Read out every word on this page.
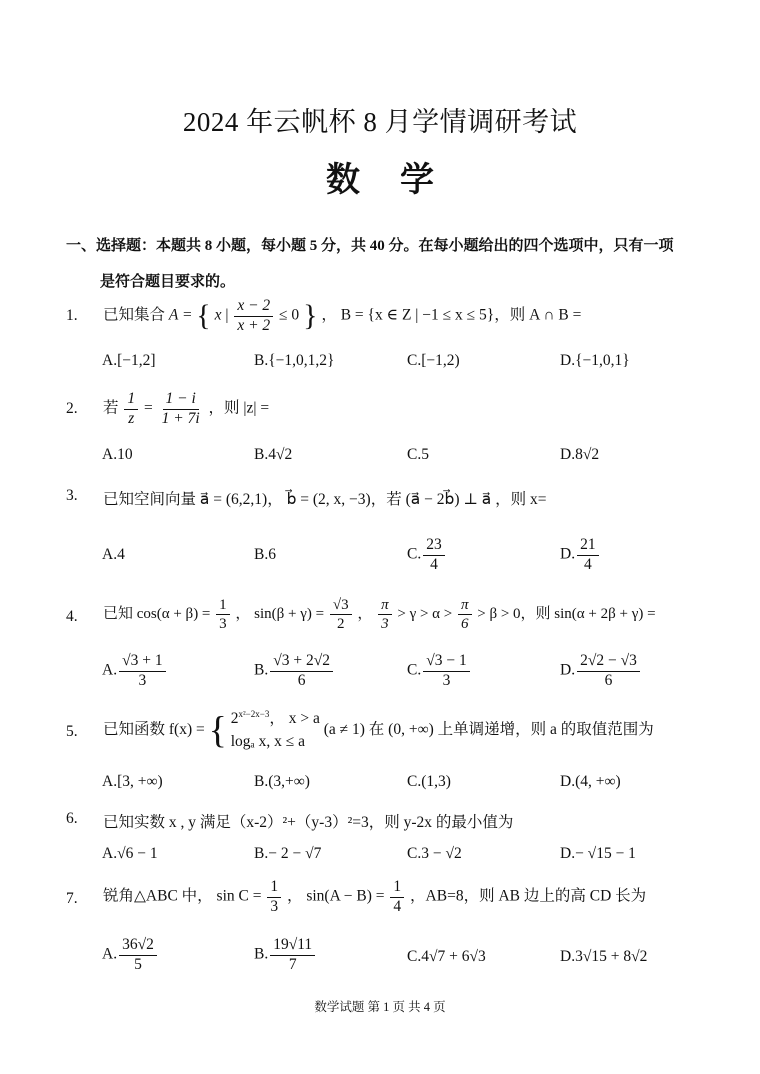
2024 年云帆杯 8 月学情调研考试
数学
一、选择题：本题共 8 小题，每小题 5 分，共 40 分。在每小题给出的四个选项中，只有一项
是符合题目要求的。
1. 已知集合 A = { x | $\frac{x - 2}{x + 2} \le 0$ } ， B = {x ∈ Z | −1 ≤ x ≤ 5}，则 A ∩ B =
A.[−1,2]	B.{−1,0,1,2}	C.[−1,2)	D.{−1,0,1}
2. 若 $\frac{1}{z} = \frac{1 - i}{1 + 7i}$ ，则 |z| =
A.10	B.4√2	C.5	D.8√2
3. 已知空间向量 a⃗ = (6,2,1)， b⃗ = (2, x, −3)，若 (a⃗ − 2b⃗) ⊥ a⃗ ，则 x=
A.4	B.6	C. $\frac{23}{4}$	D. $\frac{21}{4}$
4. 已知 $\cos(\alpha + \beta) = \frac{1}{3}$ ， $\sin(\beta + \gamma) = \frac{√3}{2}$ ， $\frac{\pi}{3} > \gamma > \alpha > \frac{\pi}{6} > \beta > 0$，则 sin(α + 2β + γ) =
A. $\frac{√3 + 1}{3}$	B. $\frac{√3 + 2√2}{6}$	C. $\frac{√3 - 1}{3}$	D. $\frac{2√2 - √3}{6}$
5. 已知函数 f(x) = { $2^{x^2-2x-3}$， x > a
logₐ x, x ≤ a
(a ≠ 1) 在 (0, +∞) 上单调递增，则 a 的取值范围为
A.[3, +∞)	B.(3,+∞)	C.(1,3)	D.(4, +∞)
6. 已知实数 x , y 满足（x-2）²+（y-3）²=3，则 y-2x 的最小值为
A.√6 − 1	B.− 2 − √7	C.3 − √2	D.− √15 − 1
7. 锐角△ABC 中， $\sin C = \frac{1}{3}$ ， $\sin(A - B) = \frac{1}{4}$ ，AB=8，则 AB 边上的高 CD 长为
A. $\frac{36√2}{5}$	B. $\frac{19√11}{7}$	C.4√7 + 6√3	D.3√15 + 8√2
数学试题 第 1 页 共 4 页
